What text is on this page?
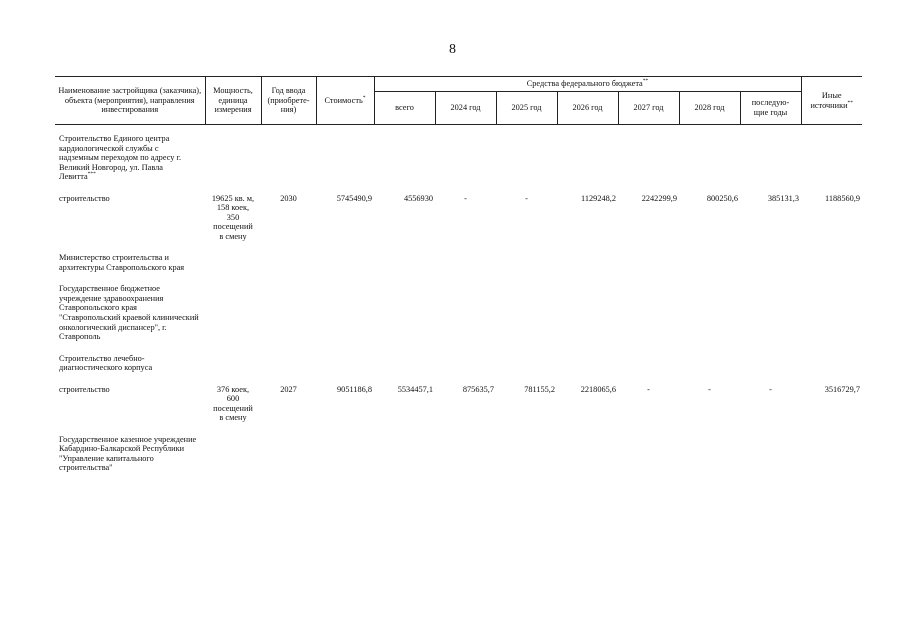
8
Наименование застройщика (заказчика), объекта (мероприятия), направления инвестирования	Мощность, единица измерения	Год ввода
(приобрете-
ния)	Стоимость*	Средства федерального бюджета**							Иные
источники**
				всего	2024 год	2025 год	2026 год	2027 год	2028 год	последую-
щие годы	

Строительство Единого центра кардиологической службы с надземным переходом по адресу г. Великий Новгород, ул. Павла Левитта***	

строительство	19625 кв. м,
158 коек,
350
посещений
в смену	2030	5745490,9	4556930	-	-	1129248,2	2242299,9	800250,6	385131,3	1188560,9

Министерство строительства и архитектуры Ставропольского края											

Государственное бюджетное учреждение здравоохранения Ставропольского края "Ставропольский краевой клинический онкологический диспансер", г. Ставрополь											

Строительство лечебно-диагностического корпуса											

строительство	376 коек,
600
посещений
в смену	2027	9051186,8	5534457,1	875635,7	781155,2	2218065,6	-	-	-	3516729,7

Государственное казенное учреждение Кабардино-Балкарской Республики "Управление капитального строительства"											
